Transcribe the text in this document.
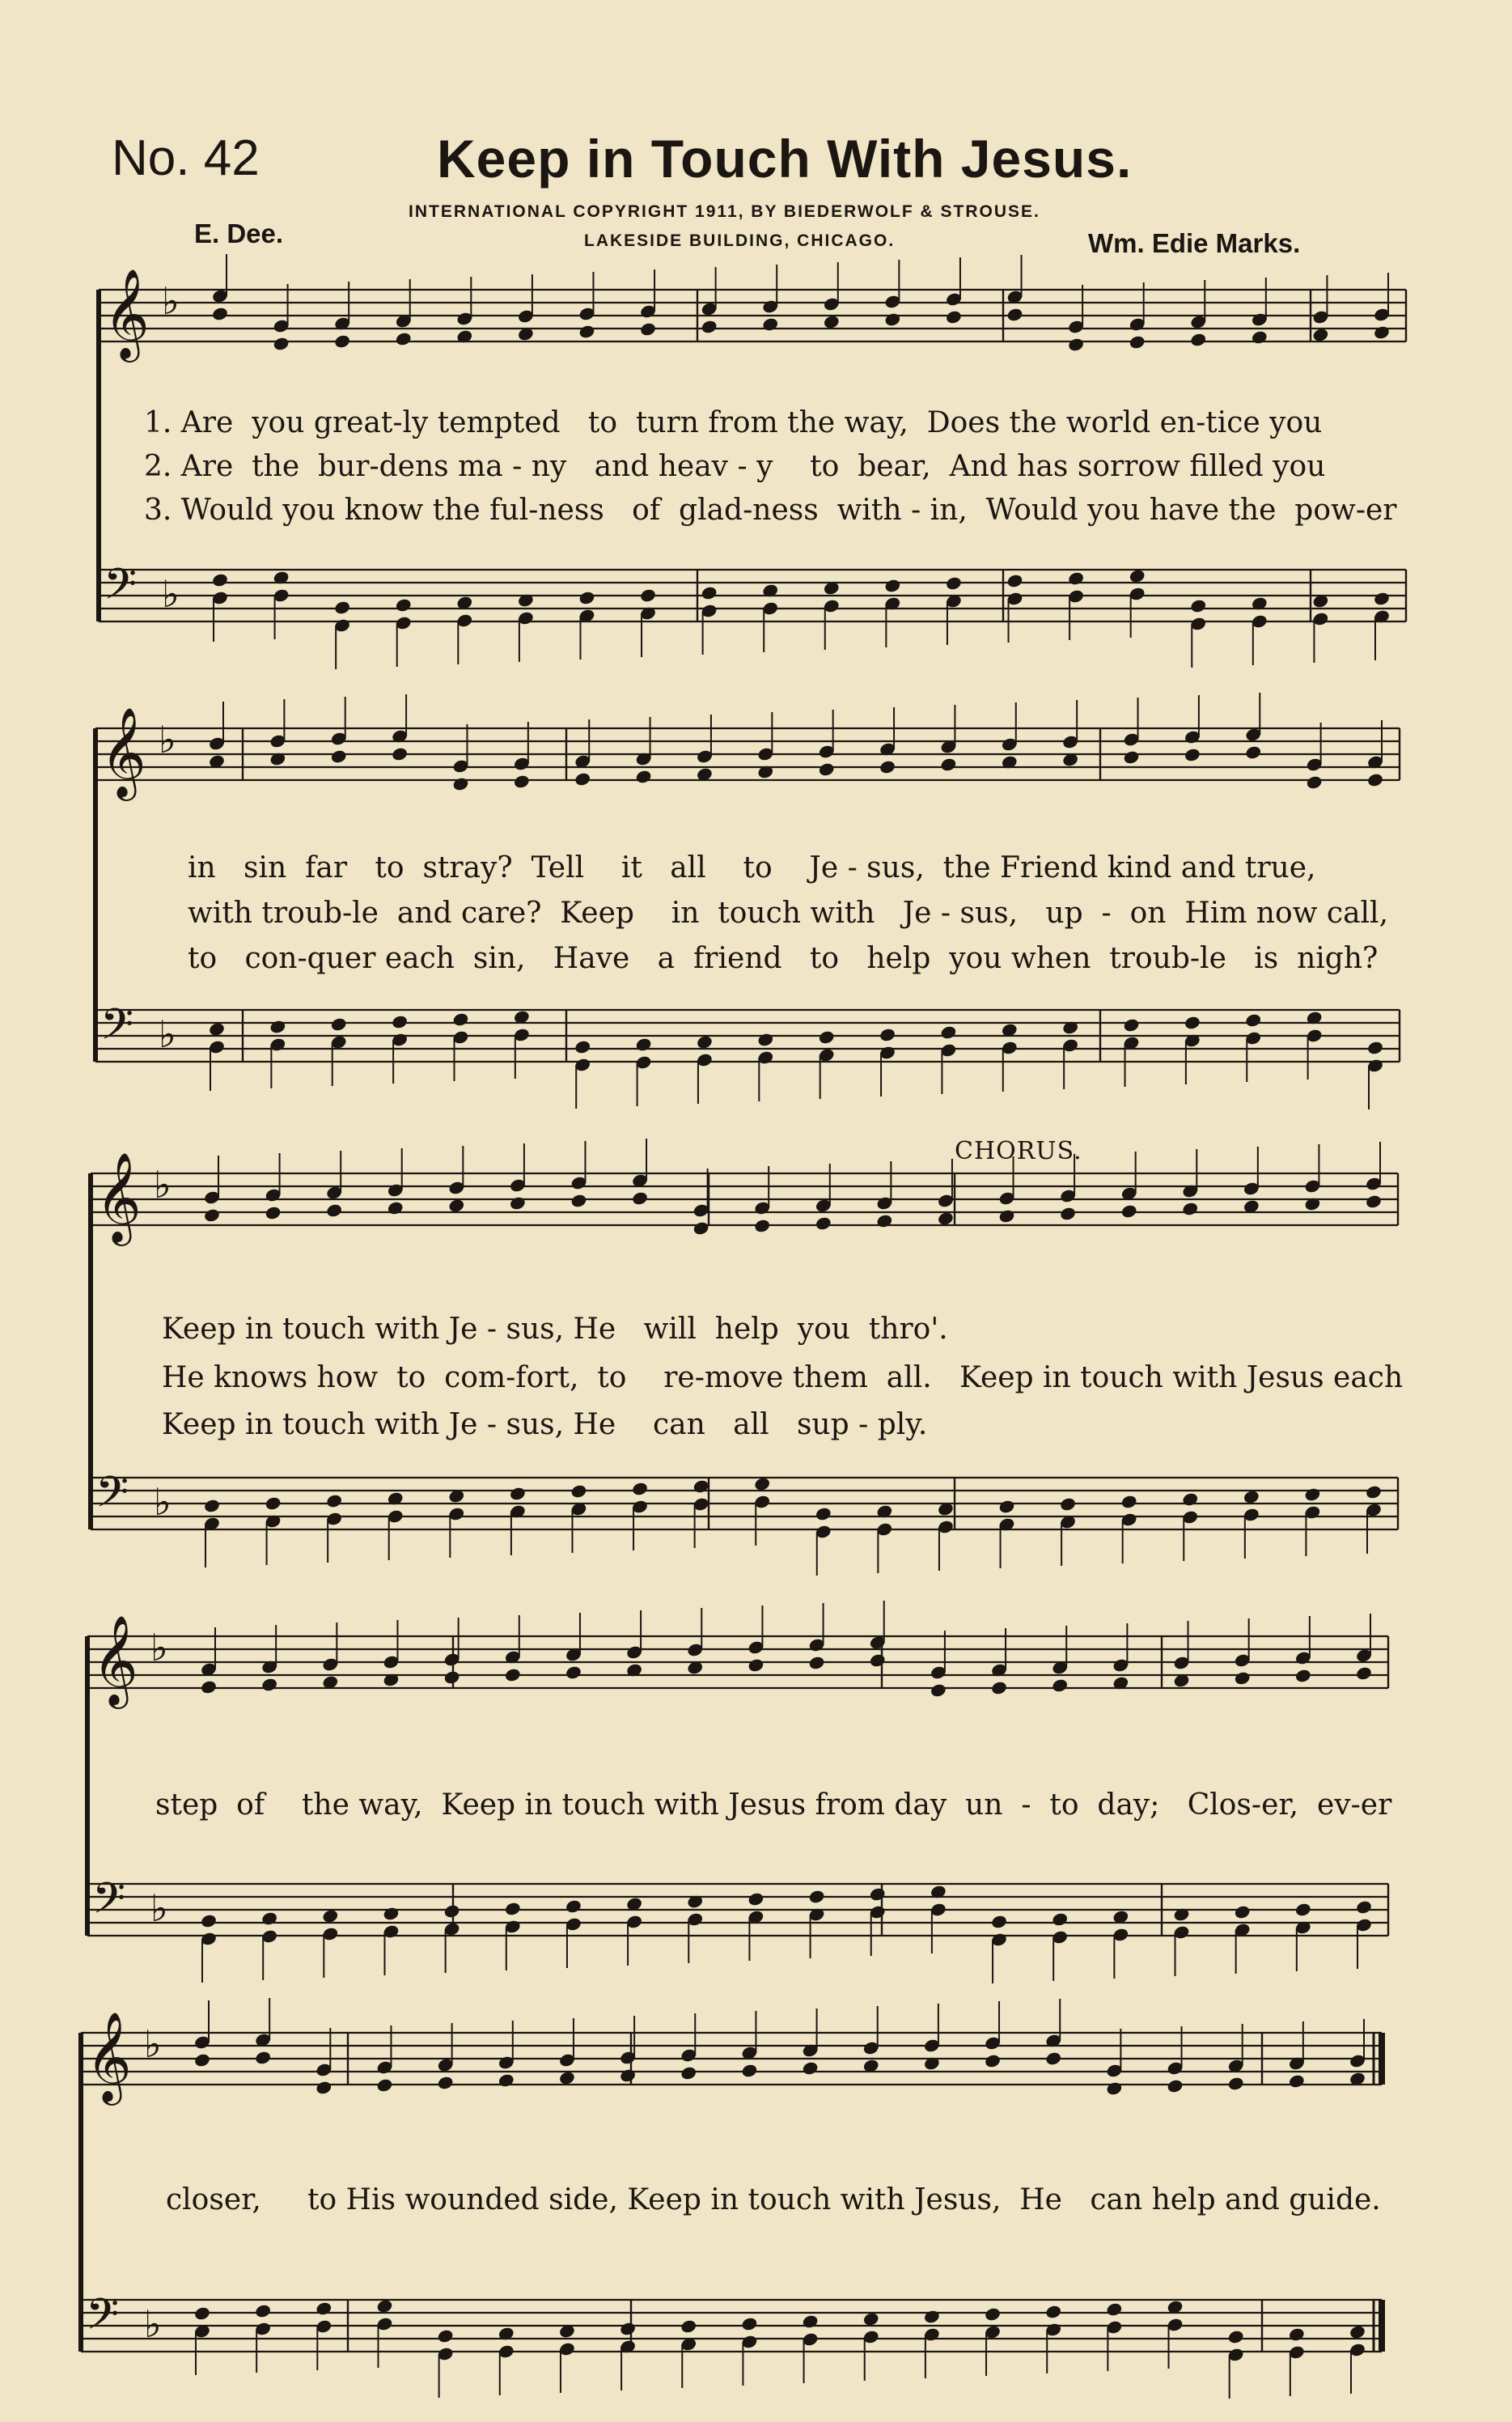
No. 42	Keep in Touch With Jesus.
INTERNATIONAL COPYRIGHT 1911, BY BIEDERWOLF & STROUSE.
LAKESIDE BUILDING, CHICAGO.
E. Dee.	Wm. Edie Marks.
CHORUS.
𝄞 ♭
𝄢 ♭
𝄞 ♭
𝄢 ♭
𝄞 ♭
𝄢 ♭
𝄞 ♭
𝄢 ♭
𝄞 ♭
𝄢 ♭
1. Are  you great-ly tempted   to  turn from the way,  Does the world en-tice you
2. Are  the  bur-dens ma - ny   and heav - y    to  bear,  And has sorrow filled you
3. Would you know the ful-ness   of  glad-ness  with - in,  Would you have the  pow-er
in   sin  far   to  stray?  Tell    it   all    to    Je - sus,  the Friend kind and true,
with troub-le  and care?  Keep    in  touch with   Je - sus,   up  -  on  Him now call,
to   con-quer each  sin,   Have   a  friend   to   help  you when  troub-le   is  nigh?
Keep in touch with Je - sus, He   will  help  you  thro'.
He knows how  to  com-fort,  to    re-move them  all.   Keep in touch with Jesus each
Keep in touch with Je - sus, He    can   all   sup - ply.
step  of    the way,  Keep in touch with Jesus from day  un  -  to  day;   Clos-er,  ev-er
closer,     to His wounded side, Keep in touch with Jesus,  He   can help and guide.
